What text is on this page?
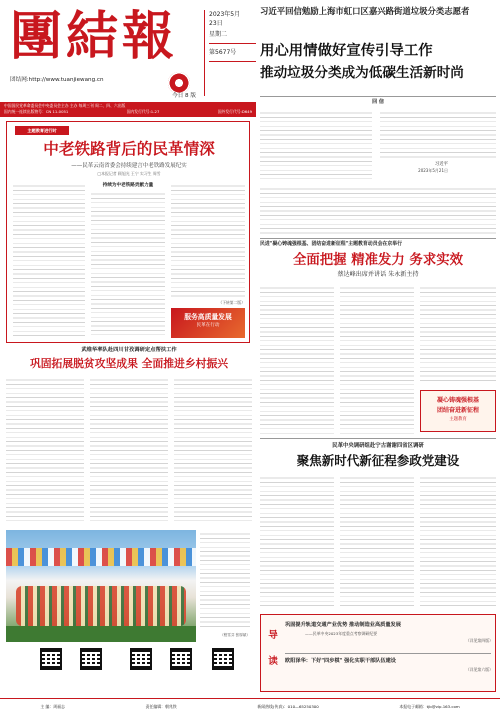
團結報	2023年5月
23日
星期二
第5677号
团结网:http://www.tuanjiewang.cn
今日 8 版
中国国民党革命委员会中央委员会主办 主办 每周三刊 周二、四、六出版
国内统一连续出版物号：CN 11-0051	国内发行代号:1-27	国外发行代号:D649
习近平回信勉励上海市虹口区嘉兴路街道垃圾分类志愿者
用心用情做好宣传引导工作
推动垃圾分类成为低碳生活新时尚
回 信
习近平
2023年5月21日
主题教育进行时
中老铁路背后的民革情深
——民革云南省委会持续建言中老铁路发展纪实
□本报记者 顾旭光 王宁 实习生 周雪
持续为中老铁路贡献力量
（下转第二版）
服务高质量发展
民革在行动
民进"凝心铸魂强根基、团结奋进新征程"主题教育动员会在京举行
全面把握 精准发力 务求实效
蔡达峰出席并讲话 朱永新主持
凝心铸魂强根基
团结奋进新征程
主题教育
武维华率队赴四川甘孜调研定点帮扶工作
巩固拓展脱贫攻坚成果 全面推进乡村振兴
民革中央调研组赴宁古谢谢四省区调研
聚焦新时代新征程参政党建设
（程雪芬 张厚斌）	导
读
巩固提升轨道交通产业优势 推动制造业高质量发展
——民革中央2023年度重点考察调研纪要
（详见第四版）
欧阳泽华：下好"四步棋" 强化实职干部队伍建设
（详见第六版）
主 编：周福志	责任编辑：朝兆铁	新闻热线(传真)：010—65250300	本报电子邮箱：tjb@vip.163.com
